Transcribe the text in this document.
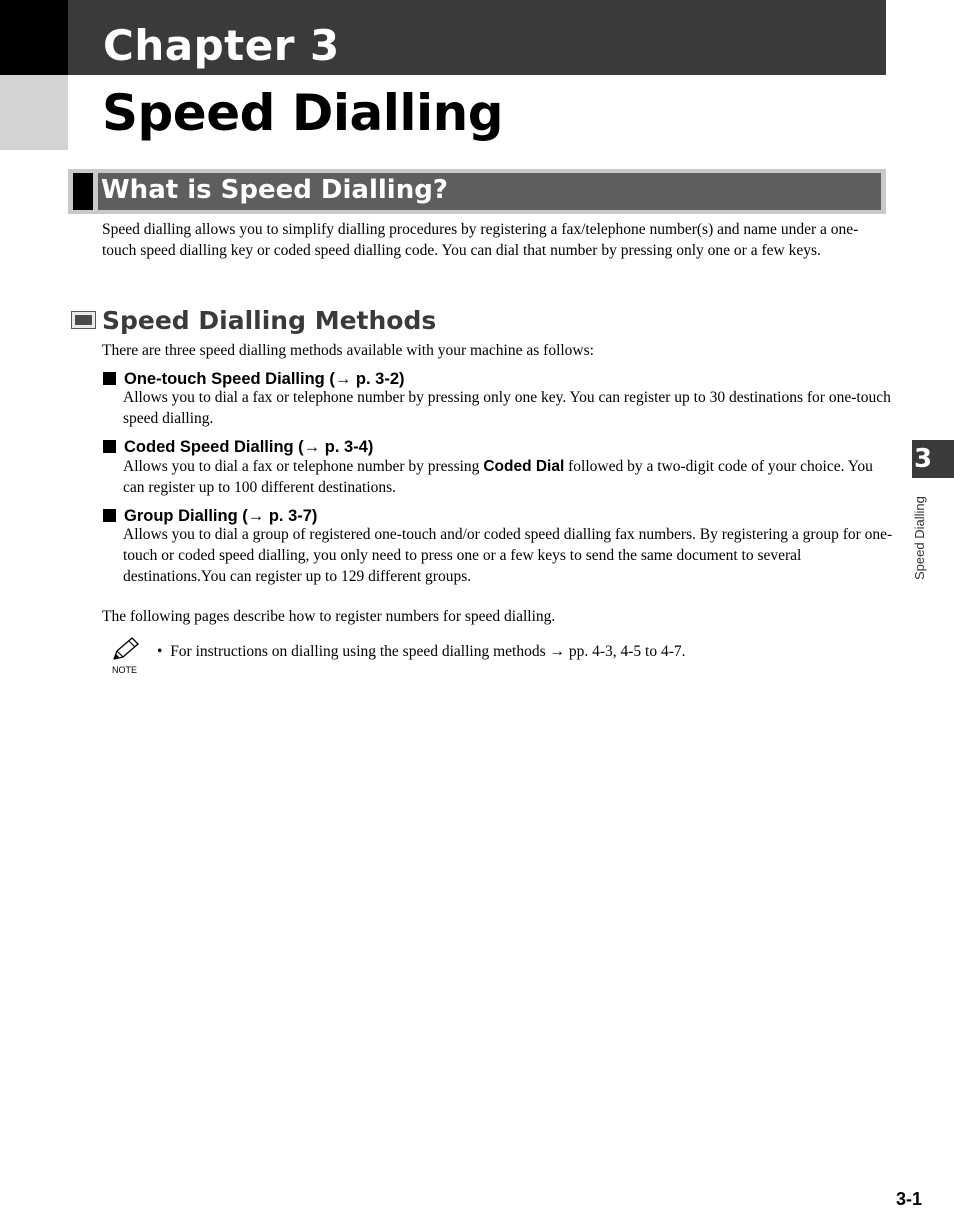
Chapter 3
Speed Dialling
What is Speed Dialling?

Speed dialling allows you to simplify dialling procedures by registering a fax/telephone number(s) and name under a one-touch speed dialling key or coded speed dialling code. You can dial that number by pressing only one or a few keys.

Speed Dialling Methods

There are three speed dialling methods available with your machine as follows:

One-touch Speed Dialling (→ p. 3-2)

Allows you to dial a fax or telephone number by pressing only one key. You can register up to 30 destinations for one-touch speed dialling.

Coded Speed Dialling (→ p. 3-4)

Allows you to dial a fax or telephone number by pressing Coded Dial followed by a two-digit code of your choice. You can register up to 100 different destinations.

Group Dialling (→ p. 3-7)

Allows you to dial a group of registered one-touch and/or coded speed dialling fax numbers. By registering a group for one-touch or coded speed dialling, you only need to press one or a few keys to send the same document to several destinations.You can register up to 129 different groups.

The following pages describe how to register numbers for speed dialling.

NOTE

• For instructions on dialling using the speed dialling methods → pp. 4-3, 4-5 to 4-7.

3

Speed Dialling

3-1
